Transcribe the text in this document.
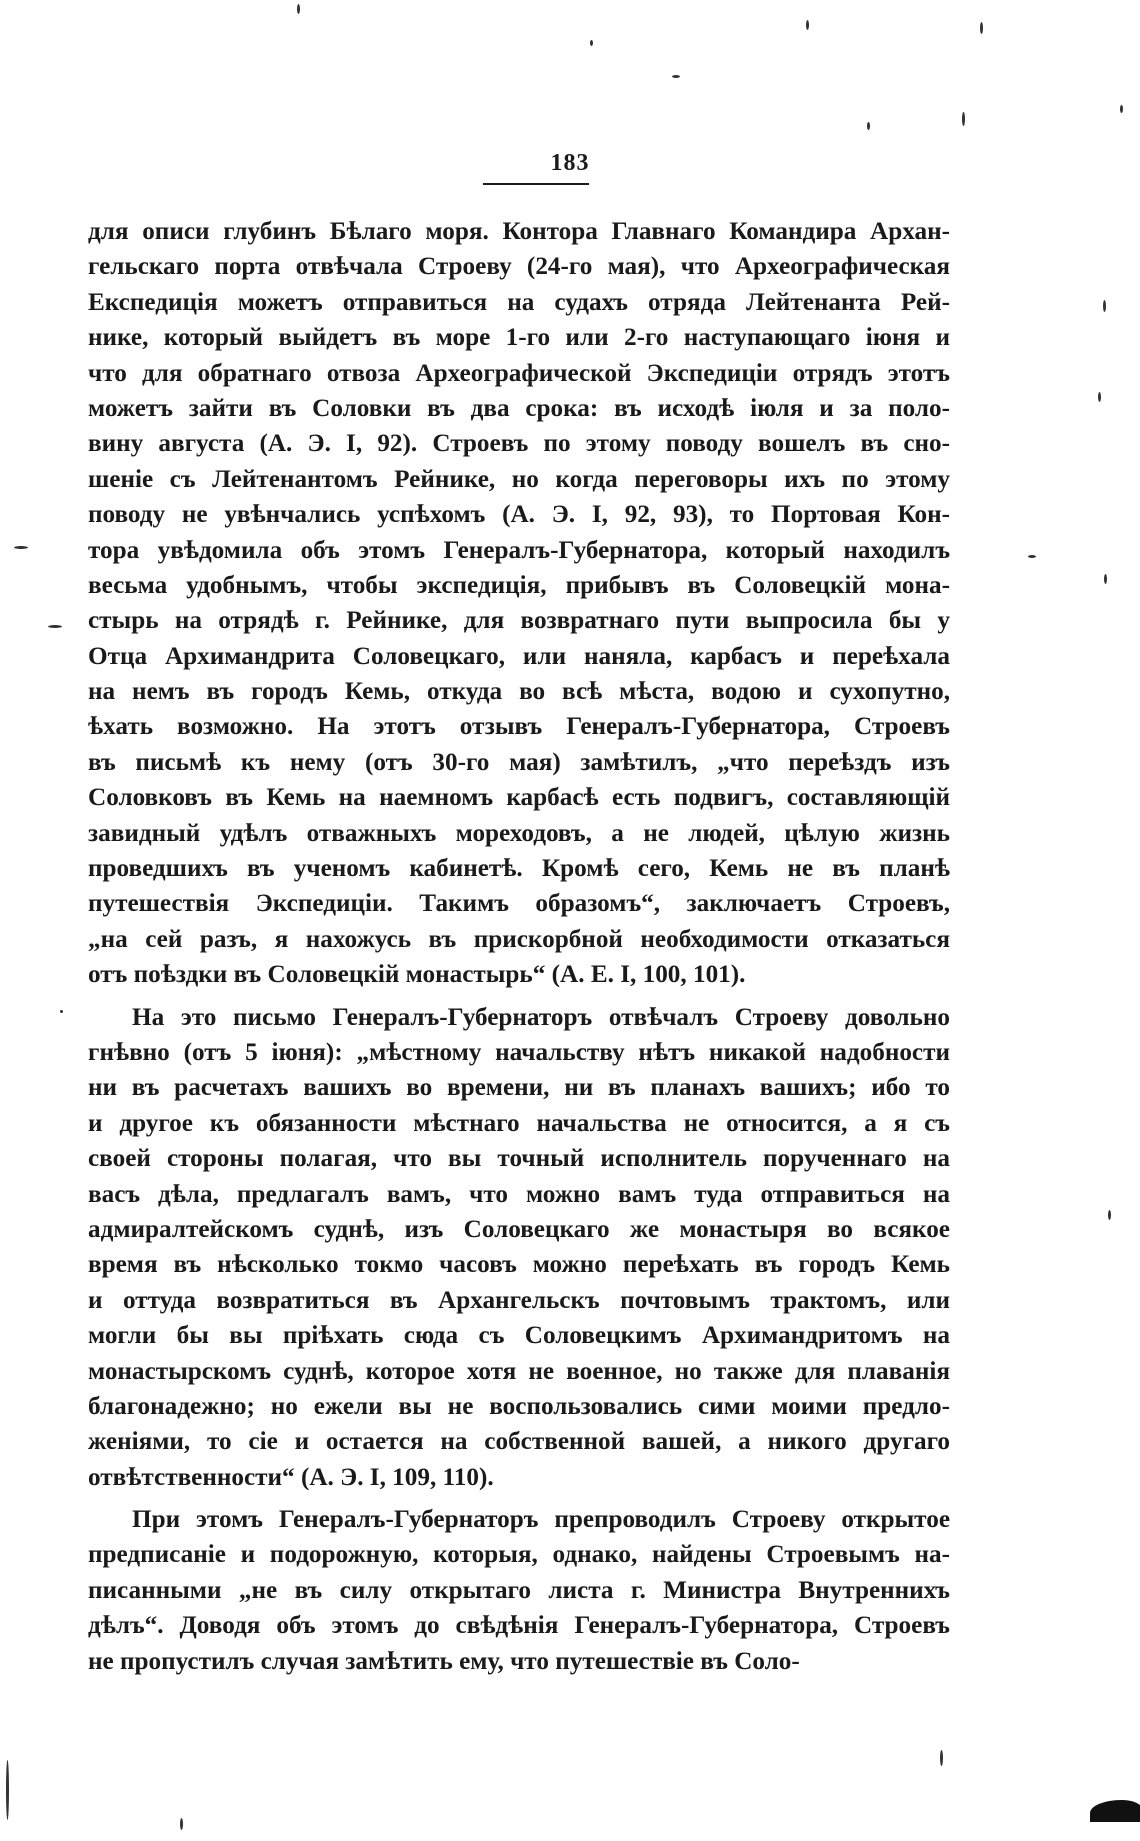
183
для описи глубинъ Бѣлаго моря. Контора Главнаго Командира Архан-
гельскаго порта отвѣчала Строеву (24-го мая), что Археографическая
Експедиція можетъ отправиться на судахъ отряда Лейтенанта Рей-
нике, который выйдетъ въ море 1-го или 2-го наступающаго іюня и
что для обратнаго отвоза Археографической Экспедиціи отрядъ этотъ
можетъ зайти въ Соловки въ два срока: въ исходѣ іюля и за поло-
вину августа (А. Э. I, 92). Строевъ по этому поводу вошелъ въ сно-
шеніе съ Лейтенантомъ Рейнике, но когда переговоры ихъ по этому
поводу не увѣнчались успѣхомъ (А. Э. I, 92, 93), то Портовая Кон-
тора увѣдомила объ этомъ Генералъ-Губернатора, который находилъ
весьма удобнымъ, чтобы экспедиція, прибывъ въ Соловецкій мона-
стырь на отрядѣ г. Рейнике, для возвратнаго пути выпросила бы у
Отца Архимандрита Соловецкаго, или наняла, карбасъ и переѣхала
на немъ въ городъ Кемь, откуда во всѣ мѣста, водою и сухопутно,
ѣхать возможно. На этотъ отзывъ Генералъ-Губернатора, Строевъ
въ письмѣ къ нему (отъ 30-го мая) замѣтилъ, „что переѣздъ изъ
Соловковъ въ Кемь на наемномъ карбасѣ есть подвигъ, составляющій
завидный удѣлъ отважныхъ мореходовъ, а не людей, цѣлую жизнь
проведшихъ въ ученомъ кабинетѣ. Кромѣ сего, Кемь не въ планѣ
путешествія Экспедиціи. Такимъ образомъ“, заключаетъ Строевъ,
„на сей разъ, я нахожусь въ прискорбной необходимости отказаться
отъ поѣздки въ Соловецкій монастырь“ (А. Е. I, 100, 101).
На это письмо Генералъ-Губернаторъ отвѣчалъ Строеву довольно
гнѣвно (отъ 5 іюня): „мѣстному начальству нѣтъ никакой надобности
ни въ расчетахъ вашихъ во времени, ни въ планахъ вашихъ; ибо то
и другое къ обязанности мѣстнаго начальства не относится, а я съ
своей стороны полагая, что вы точный исполнитель порученнаго на
васъ дѣла, предлагалъ вамъ, что можно вамъ туда отправиться на
адмиралтейскомъ суднѣ, изъ Соловецкаго же монастыря во всякое
время въ нѣсколько токмо часовъ можно переѣхать въ городъ Кемь
и оттуда возвратиться въ Архангельскъ почтовымъ трактомъ, или
могли бы вы пріѣхать сюда съ Соловецкимъ Архимандритомъ на
монастырскомъ суднѣ, которое хотя не военное, но также для плаванія
благонадежно; но ежели вы не воспользовались сими моими предло-
женіями, то сіе и остается на собственной вашей, а никого другаго
отвѣтственности“ (А. Э. I, 109, 110).
При этомъ Генералъ-Губернаторъ препроводилъ Строеву открытое
предписаніе и подорожную, которыя, однако, найдены Строевымъ на-
писанными „не въ силу открытаго листа г. Министра Внутреннихъ
дѣлъ“. Доводя объ этомъ до свѣдѣнія Генералъ-Губернатора, Строевъ
не пропустилъ случая замѣтить ему, что путешествіе въ Соло-
